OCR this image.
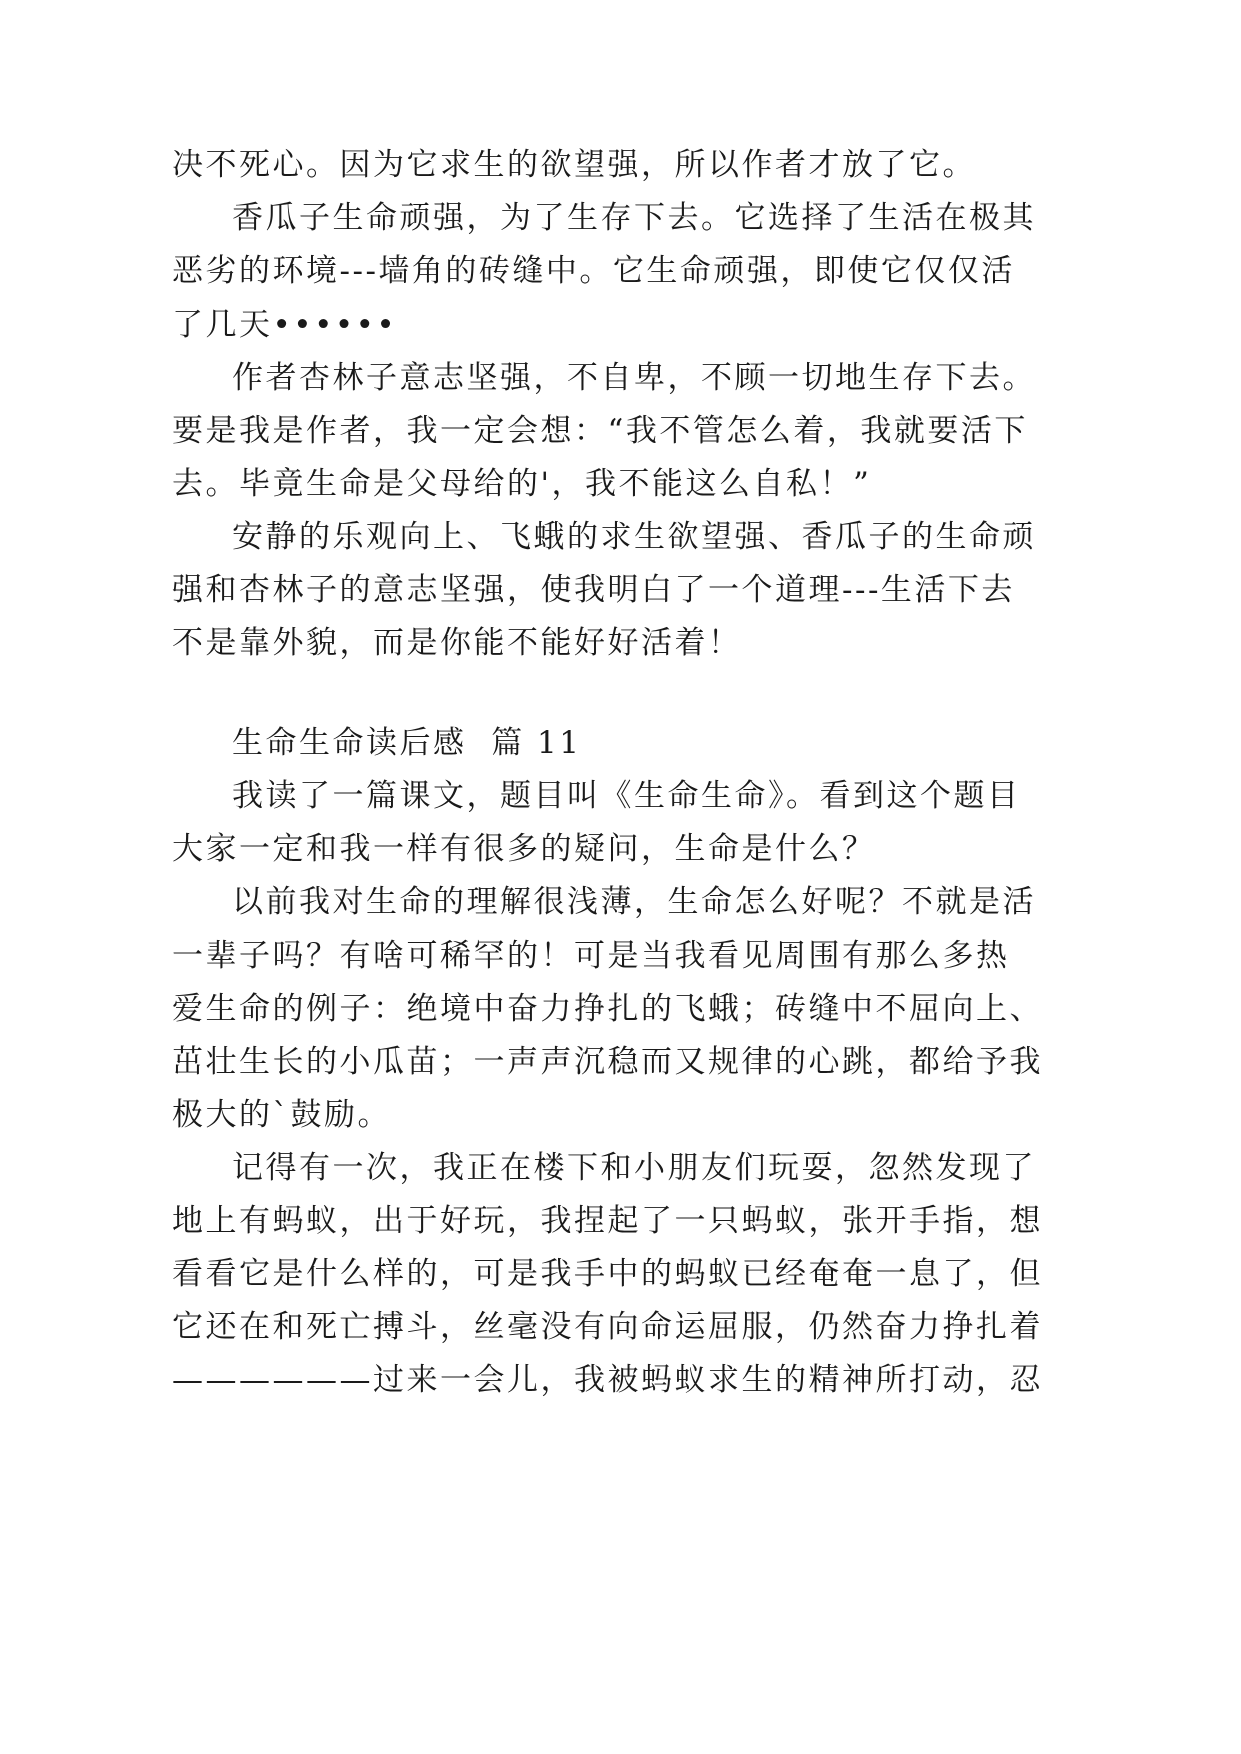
决不死心。因为它求生的欲望强，所以作者才放了它。
香瓜子生命顽强，为了生存下去。它选择了生活在极其
恶劣的环境---墙角的砖缝中。它生命顽强，即使它仅仅活
了几天••••••
作者杏林子意志坚强，不自卑，不顾一切地生存下去。
要是我是作者，我一定会想：“我不管怎么着，我就要活下
去。毕竟生命是父母给的'，我不能这么自私！”
安静的乐观向上、飞蛾的求生欲望强、香瓜子的生命顽
强和杏林子的意志坚强，使我明白了一个道理---生活下去
不是靠外貌，而是你能不能好好活着！
生命生命读后感  篇 11
我读了一篇课文，题目叫《生命生命》。看到这个题目
大家一定和我一样有很多的疑问，生命是什么？
以前我对生命的理解很浅薄，生命怎么好呢？不就是活
一辈子吗？有啥可稀罕的！可是当我看见周围有那么多热
爱生命的例子：绝境中奋力挣扎的飞蛾；砖缝中不屈向上、
茁壮生长的小瓜苗；一声声沉稳而又规律的心跳，都给予我
极大的`鼓励。
记得有一次，我正在楼下和小朋友们玩耍，忽然发现了
地上有蚂蚁，出于好玩，我捏起了一只蚂蚁，张开手指，想
看看它是什么样的，可是我手中的蚂蚁已经奄奄一息了，但
它还在和死亡搏斗，丝毫没有向命运屈服，仍然奋力挣扎着
——————过来一会儿，我被蚂蚁求生的精神所打动，忍
